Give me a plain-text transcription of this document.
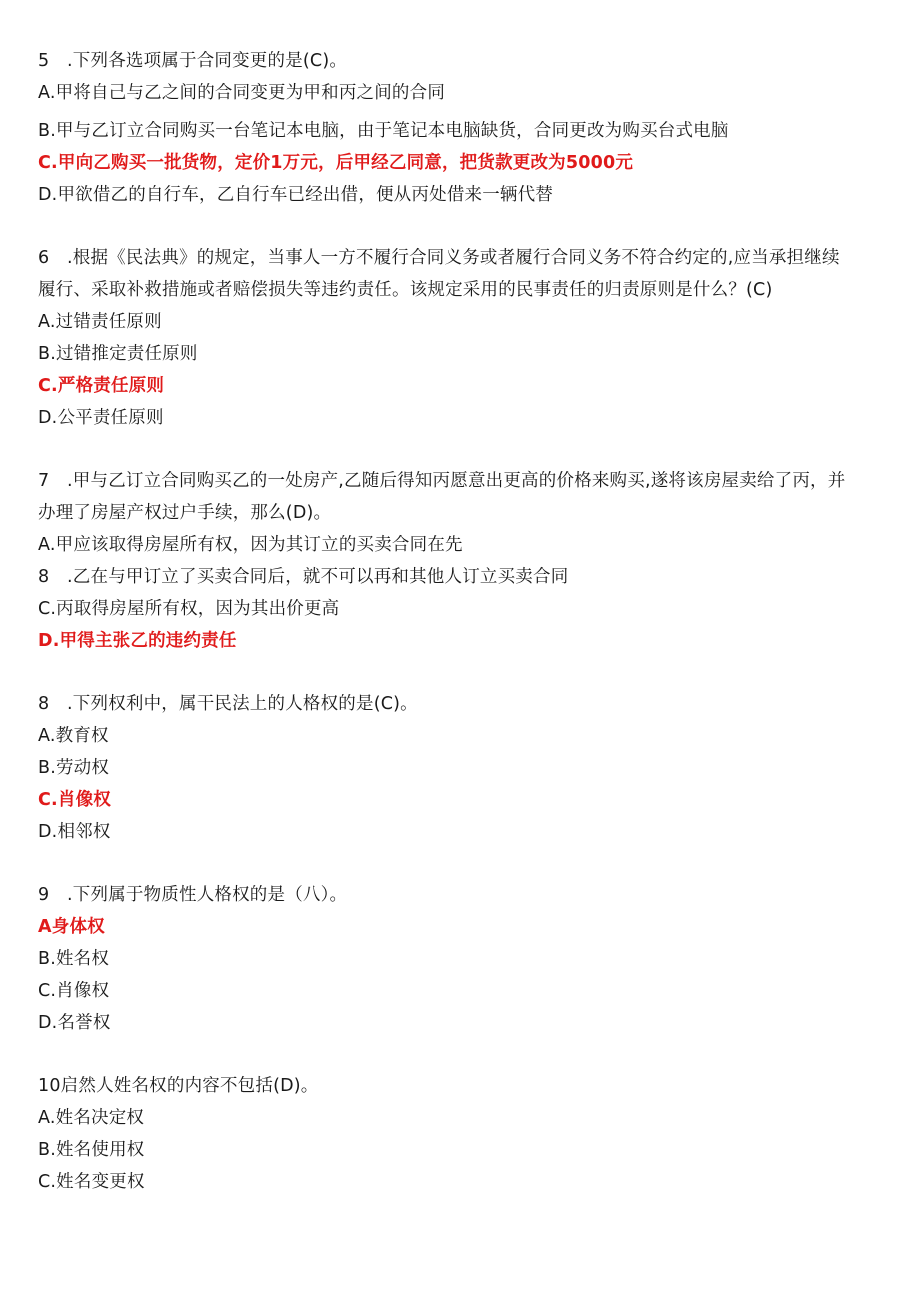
5　.下列各选项属于合同变更的是(C)。
A.甲将自己与乙之间的合同变更为甲和丙之间的合同
B.甲与乙订立合同购买一台笔记本电脑，由于笔记本电脑缺货，合同更改为购买台式电脑
C.甲向乙购买一批货物，定价1万元，后甲经乙同意，把货款更改为5000元
D.甲欲借乙的自行车，乙自行车已经出借，便从丙处借来一辆代替
6　.根据《民法典》的规定，当事人一方不履行合同义务或者履行合同义务不符合约定的,应当承担继续
履行、采取补救措施或者赔偿损失等违约责任。该规定采用的民事责任的归责原则是什么？(C)
A.过错责任原则
B.过错推定责任原则
C.严格责任原则
D.公平责任原则
7　.甲与乙订立合同购买乙的一处房产,乙随后得知丙愿意出更高的价格来购买,遂将该房屋卖给了丙，并
办理了房屋产权过户手续，那么(D)。
A.甲应该取得房屋所有权，因为其订立的买卖合同在先
8　.乙在与甲订立了买卖合同后，就不可以再和其他人订立买卖合同
C.丙取得房屋所有权，因为其出价更高
D.甲得主张乙的违约责任
8　.下列权利中，属干民法上的人格权的是(C)。
A.教育权
B.劳动权
C.肖像权
D.相邻权
9　.下列属于物质性人格权的是（八）。
A身体权
B.姓名权
C.肖像权
D.名誉权
10启然人姓名权的内容不包括(D)。
A.姓名决定权
B.姓名使用权
C.姓名变更权
